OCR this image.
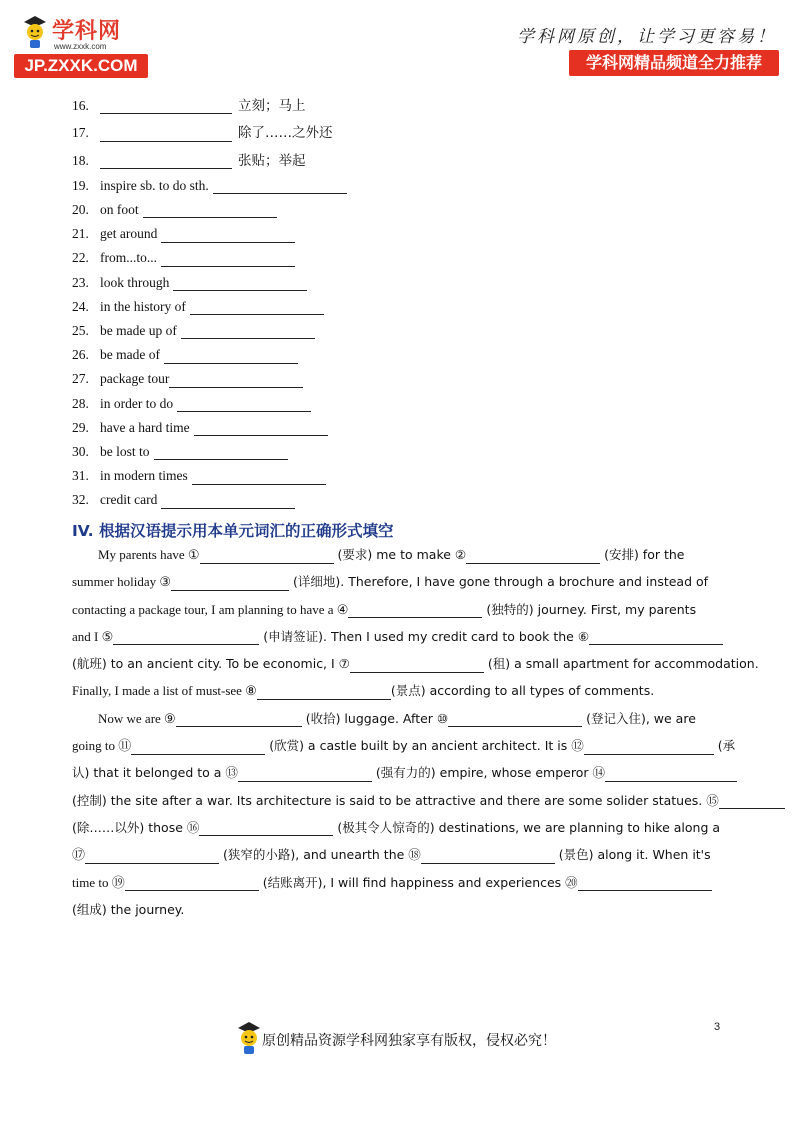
学科网
www.zxxk.com
JP.ZXXK.COM
学科网原创，让学习更容易！
学科网精品频道全力推荐
16.	立刻；马上
17.	除了……之外还
18.	张贴；举起
19. inspire sb. to do sth.
20. on foot
21. get around
22. from...to...
23. look through
24. in the history of
25. be made up of
26. be made of
27. package tour
28. in order to do
29. have a hard time
30. be lost to
31. in modern times
32. credit card
IV. 根据汉语提示用本单元词汇的正确形式填空
My parents have ①	(要求) me to make ②	(安排) for the
summer holiday ③	(详细地). Therefore, I have gone through a brochure and instead of
contacting a package tour, I am planning to have a ④	(独特的) journey. First, my parents
and I ⑤	(申请签证). Then I used my credit card to book the ⑥
(航班) to an ancient city. To be economic, I ⑦	(租) a small apartment for accommodation.
Finally, I made a list of must-see ⑧	(景点) according to all types of comments.
Now we are ⑨	(收拾) luggage. After ⑩	(登记入住), we are
going to ⑪	(欣赏) a castle built by an ancient architect. It is ⑫	(承
认) that it belonged to a ⑬	(强有力的) empire, whose emperor ⑭
(控制) the site after a war. Its architecture is said to be attractive and there are some solider statues. ⑮
(除……以外) those ⑯	(极其令人惊奇的) destinations, we are planning to hike along a
⑰	(狭窄的小路), and unearth the ⑱	(景色) along it. When it's
time to ⑲	(结账离开), I will find happiness and experiences ⑳
(组成) the journey.
原创精品资源学科网独家享有版权，侵权必究！
3
